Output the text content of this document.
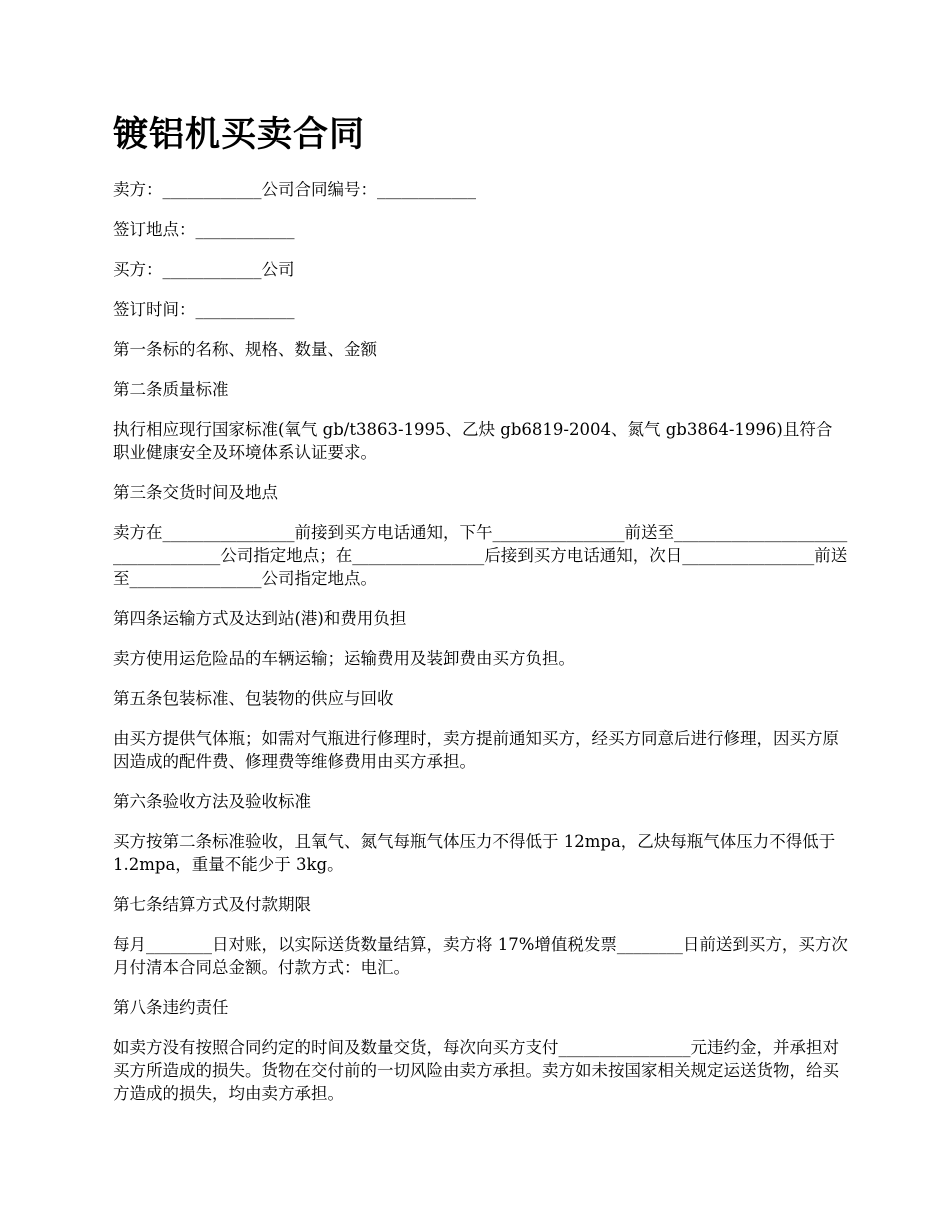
镀铝机买卖合同

卖方：____________公司合同编号：____________

签订地点：____________

买方：____________公司

签订时间：____________

第一条标的名称、规格、数量、金额

第二条质量标准

执行相应现行国家标准(氧气 gb/t3863-1995、乙炔 gb6819-2004、氮气 gb3864-1996)且符合职业健康安全及环境体系认证要求。

第三条交货时间及地点

卖方在________________前接到买方电话通知，下午________________前送至__________________________________公司指定地点；在________________后接到买方电话通知，次日________________前送至________________公司指定地点。

第四条运输方式及达到站(港)和费用负担

卖方使用运危险品的车辆运输；运输费用及装卸费由买方负担。

第五条包装标准、包装物的供应与回收

由买方提供气体瓶；如需对气瓶进行修理时，卖方提前通知买方，经买方同意后进行修理，因买方原因造成的配件费、修理费等维修费用由买方承担。

第六条验收方法及验收标准

买方按第二条标准验收，且氧气、氮气每瓶气体压力不得低于 12mpa，乙炔每瓶气体压力不得低于 1.2mpa，重量不能少于 3kg。

第七条结算方式及付款期限

每月________日对账，以实际送货数量结算，卖方将 17%增值税发票________日前送到买方，买方次月付清本合同总金额。付款方式：电汇。

第八条违约责任

如卖方没有按照合同约定的时间及数量交货，每次向买方支付________________元违约金，并承担对买方所造成的损失。货物在交付前的一切风险由卖方承担。卖方如未按国家相关规定运送货物，给买方造成的损失，均由卖方承担。
